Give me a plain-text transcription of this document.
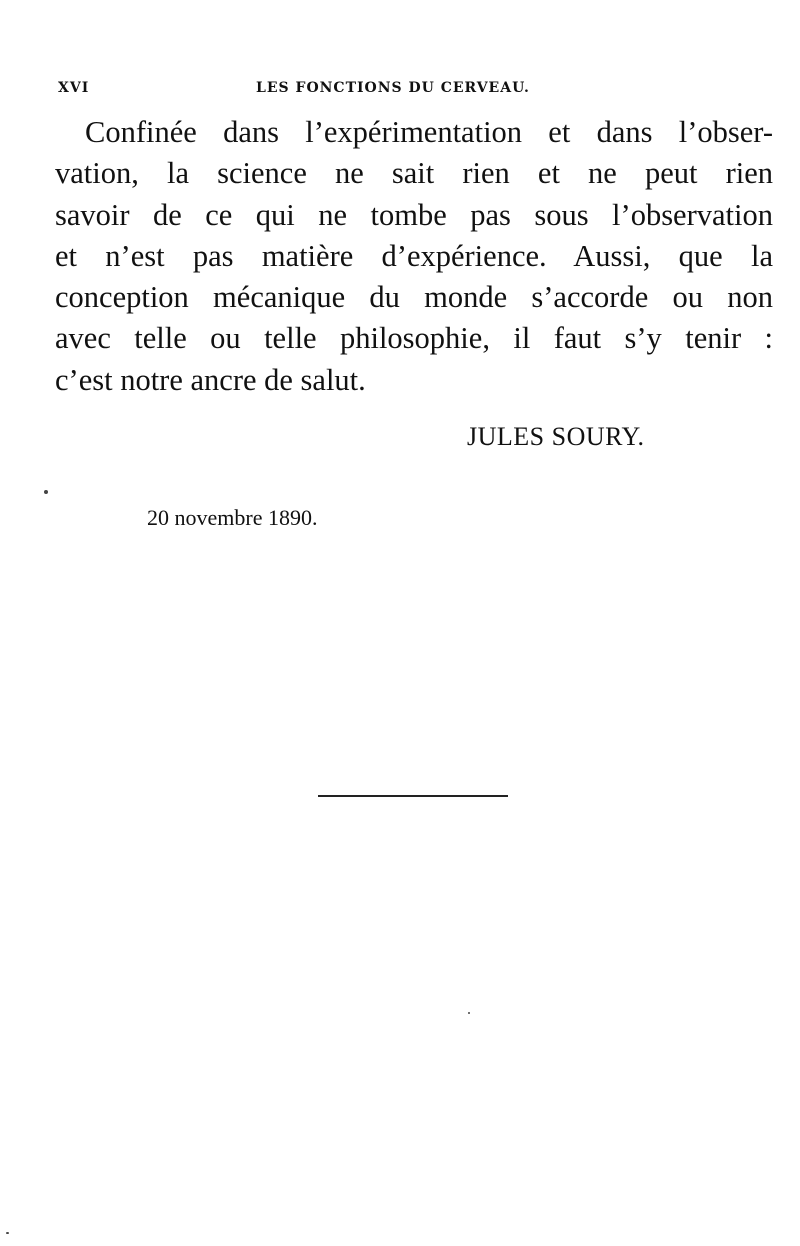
XVI	LES FONCTIONS DU CERVEAU.
Confinée dans l’expérimentation et dans l’obser-
vation, la science ne sait rien et ne peut rien
savoir de ce qui ne tombe pas sous l’observation
et n’est pas matière d’expérience. Aussi, que la
conception mécanique du monde s’accorde ou non
avec telle ou telle philosophie, il faut s’y tenir :
c’est notre ancre de salut.
JULES SOURY.
20 novembre 1890.
